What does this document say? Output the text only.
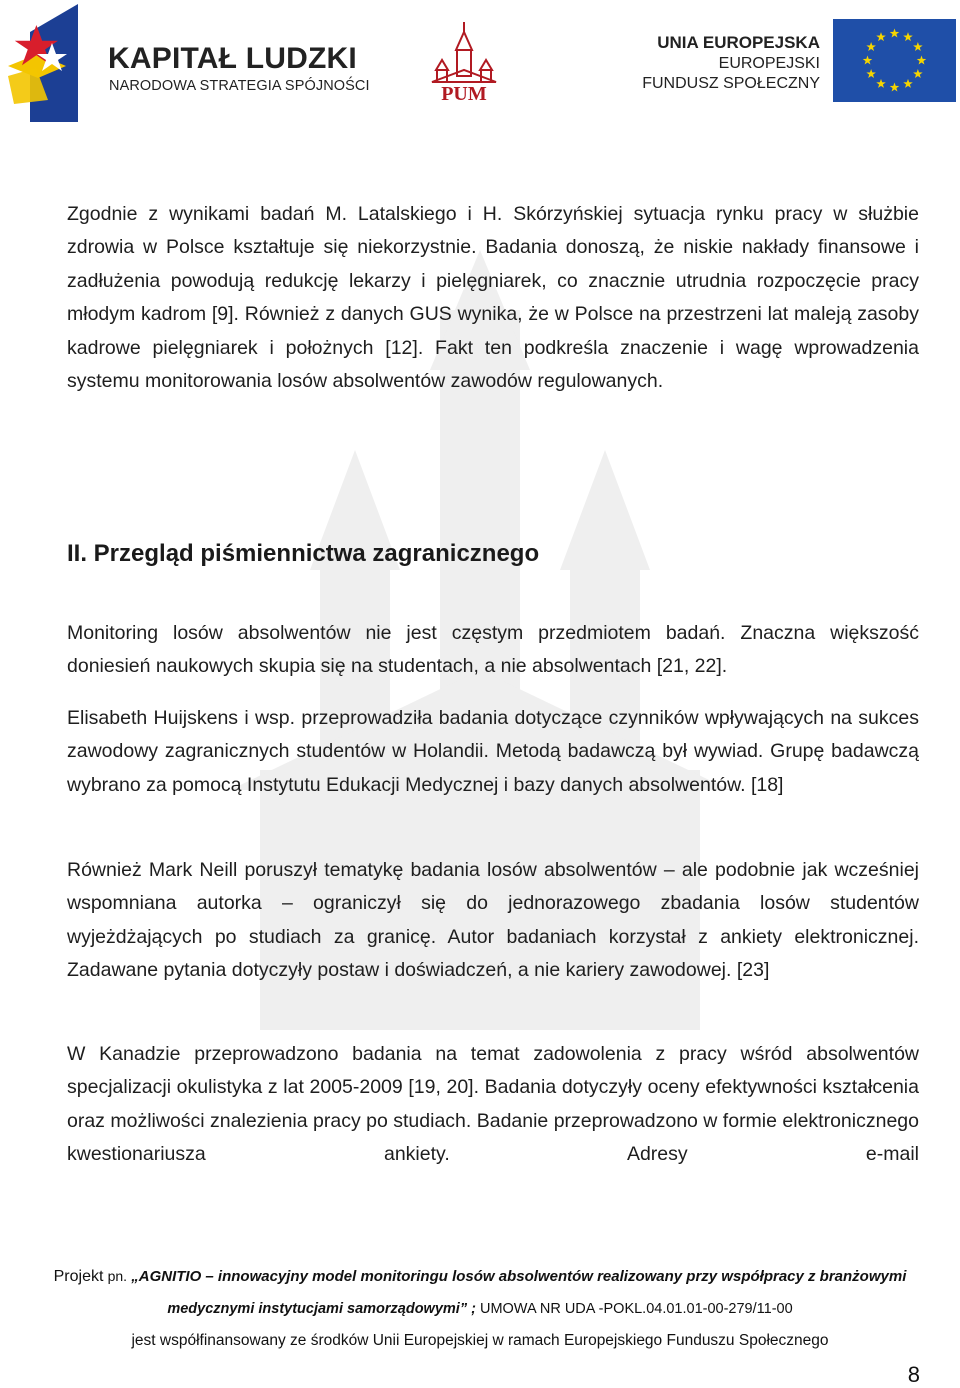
KAPITAŁ LUDZKI
NARODOWA STRATEGIA SPÓJNOŚCI	PUM
UNIA EUROPEJSKA
EUROPEJSKI
FUNDUSZ SPOŁECZNY

Zgodnie z wynikami badań M. Latalskiego i H. Skórzyńskiej sytuacja rynku pracy w służbie zdrowia w Polsce kształtuje się niekorzystnie. Badania donoszą, że niskie nakłady finansowe i zadłużenia powodują redukcję lekarzy i pielęgniarek, co znacznie utrudnia rozpoczęcie pracy młodym kadrom [9]. Również z danych GUS wynika, że w Polsce na przestrzeni lat maleją zasoby kadrowe pielęgniarek i położnych [12]. Fakt ten podkreśla znaczenie i wagę wprowadzenia systemu monitorowania losów absolwentów zawodów regulowanych.

II. Przegląd piśmiennictwa zagranicznego

Monitoring losów absolwentów nie jest częstym przedmiotem badań. Znaczna większość doniesień naukowych skupia się na studentach, a nie absolwentach [21, 22].

Elisabeth Huijskens i wsp. przeprowadziła badania dotyczące czynników wpływających na sukces zawodowy zagranicznych studentów w Holandii. Metodą badawczą był wywiad. Grupę badawczą wybrano za pomocą Instytutu Edukacji Medycznej i bazy danych absolwentów. [18]

Również Mark Neill poruszył tematykę badania losów absolwentów – ale podobnie jak wcześniej wspomniana autorka – ograniczył się do jednorazowego zbadania losów studentów wyjeżdżających po studiach za granicę. Autor badaniach korzystał z ankiety elektronicznej. Zadawane pytania dotyczyły postaw i doświadczeń, a nie kariery zawodowej. [23]

W Kanadzie przeprowadzono badania na temat zadowolenia z pracy wśród absolwentów specjalizacji okulistyka z lat 2005-2009 [19, 20]. Badania dotyczyły oceny efektywności kształcenia oraz możliwości znalezienia pracy po studiach. Badanie przeprowadzono w formie elektronicznego kwestionariusza ankiety. Adresy e-mail

Projekt pn. „AGNITIO – innowacyjny model monitoringu losów absolwentów realizowany przy współpracy z branżowymi
medycznymi instytucjami samorządowymi” ; UMOWA NR UDA -POKL.04.01.01-00-279/11-00
jest współfinansowany ze środków Unii Europejskiej w ramach Europejskiego Funduszu Społecznego
8
